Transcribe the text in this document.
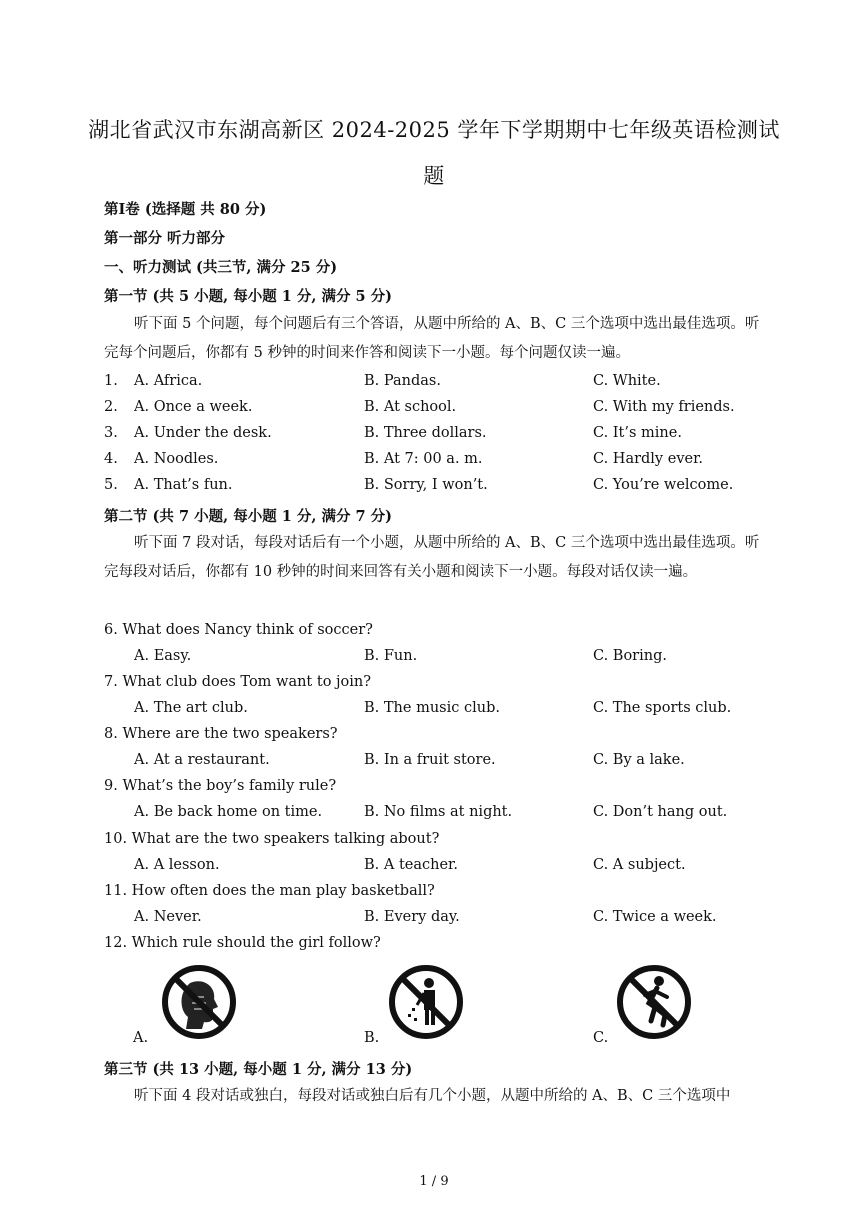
湖北省武汉市东湖高新区 2024-2025 学年下学期期中七年级英语检测试
题
第Ⅰ卷 (选择题 共 80 分)
第一部分 听力部分
一、听力测试 (共三节, 满分 25 分)
第一节 (共 5 小题, 每小题 1 分, 满分 5 分)
听下面 5 个问题，每个问题后有三个答语，从题中所给的 A、B、C 三个选项中选出最佳选项。听完每个问题后，你都有 5 秒钟的时间来作答和阅读下一小题。每个问题仅读一遍。
1. A. Africa.	B. Pandas.	C. White.
2. A. Once a week.	B. At school.	C. With my friends.
3. A. Under the desk.	B. Three dollars.	C. It’s mine.
4. A. Noodles.	B. At 7: 00 a. m.	C. Hardly ever.
5. A. That’s fun.	B. Sorry, I won’t.	C. You’re welcome.
第二节 (共 7 小题, 每小题 1 分, 满分 7 分)
听下面 7 段对话，每段对话后有一个小题，从题中所给的 A、B、C 三个选项中选出最佳选项。听完每段对话后，你都有 10 秒钟的时间来回答有关小题和阅读下一小题。每段对话仅读一遍。
6. What does Nancy think of soccer?
A. Easy.	B. Fun.	C. Boring.
7. What club does Tom want to join?
A. The art club.	B. The music club.	C. The sports club.
8. Where are the two speakers?
A. At a restaurant.	B. In a fruit store.	C. By a lake.
9. What’s the boy’s family rule?
A. Be back home on time.	B. No films at night.	C. Don’t hang out.
10. What are the two speakers talking about?
A. A lesson.	B. A teacher.	C. A subject.
11. How often does the man play basketball?
A. Never.	B. Every day.	C. Twice a week.
12. Which rule should the girl follow?
A.	B.	C.
第三节 (共 13 小题, 每小题 1 分, 满分 13 分)
听下面 4 段对话或独白，每段对话或独白后有几个小题，从题中所给的 A、B、C 三个选项中
1 / 9
